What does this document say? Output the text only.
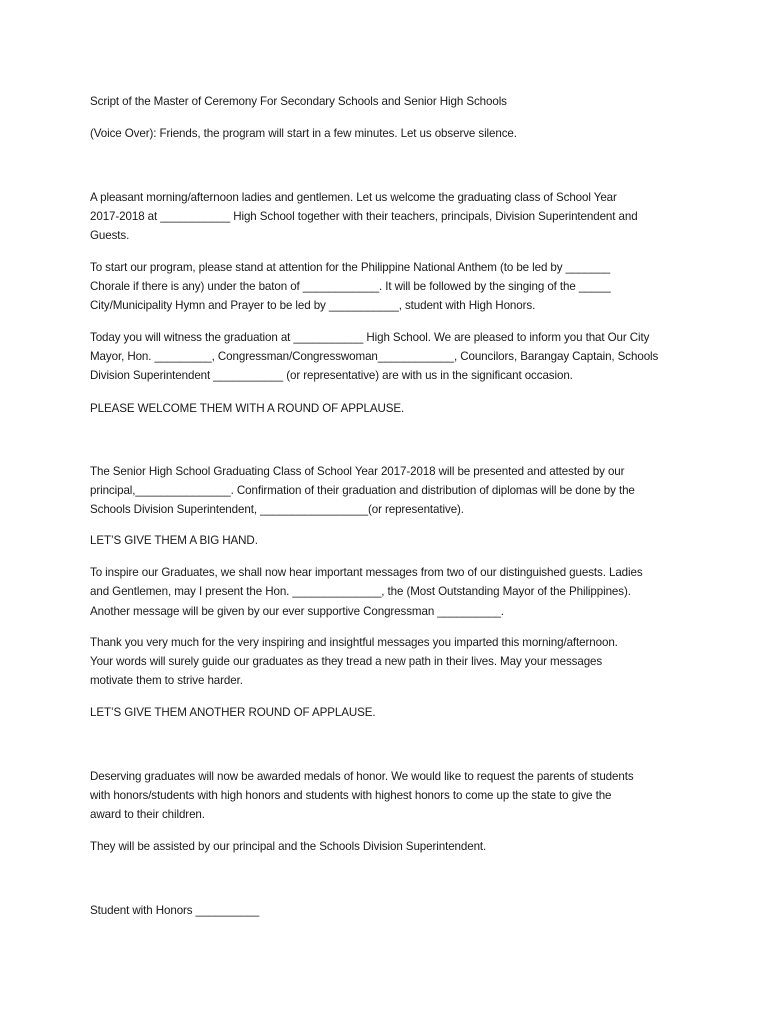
Script of the Master of Ceremony For Secondary Schools and Senior High Schools
(Voice Over): Friends, the program will start in a few minutes. Let us observe silence.
A pleasant morning/afternoon ladies and gentlemen. Let us welcome the graduating class of School Year
2017-2018 at ___________ High School together with their teachers, principals, Division Superintendent and
Guests.
To start our program, please stand at attention for the Philippine National Anthem (to be led by _______
Chorale if there is any) under the baton of ____________. It will be followed by the singing of the _____
City/Municipality Hymn and Prayer to be led by ___________, student with High Honors.
Today you will witness the graduation at ___________ High School. We are pleased to inform you that Our City
Mayor, Hon. _________, Congressman/Congresswoman____________, Councilors, Barangay Captain, Schools
Division Superintendent ___________ (or representative) are with us in the significant occasion.
PLEASE WELCOME THEM WITH A ROUND OF APPLAUSE.
The Senior High School Graduating Class of School Year 2017-2018 will be presented and attested by our
principal,_______________. Confirmation of their graduation and distribution of diplomas will be done by the
Schools Division Superintendent, _________________(or representative).
LET’S GIVE THEM A BIG HAND.
To inspire our Graduates, we shall now hear important messages from two of our distinguished guests. Ladies
and Gentlemen, may I present the Hon. ______________, the (Most Outstanding Mayor of the Philippines).
Another message will be given by our ever supportive Congressman __________.
Thank you very much for the very inspiring and insightful messages you imparted this morning/afternoon.
Your words will surely guide our graduates as they tread a new path in their lives. May your messages
motivate them to strive harder.
LET’S GIVE THEM ANOTHER ROUND OF APPLAUSE.
Deserving graduates will now be awarded medals of honor. We would like to request the parents of students
with honors/students with high honors and students with highest honors to come up the state to give the
award to their children.
They will be assisted by our principal and the Schools Division Superintendent.
Student with Honors __________
